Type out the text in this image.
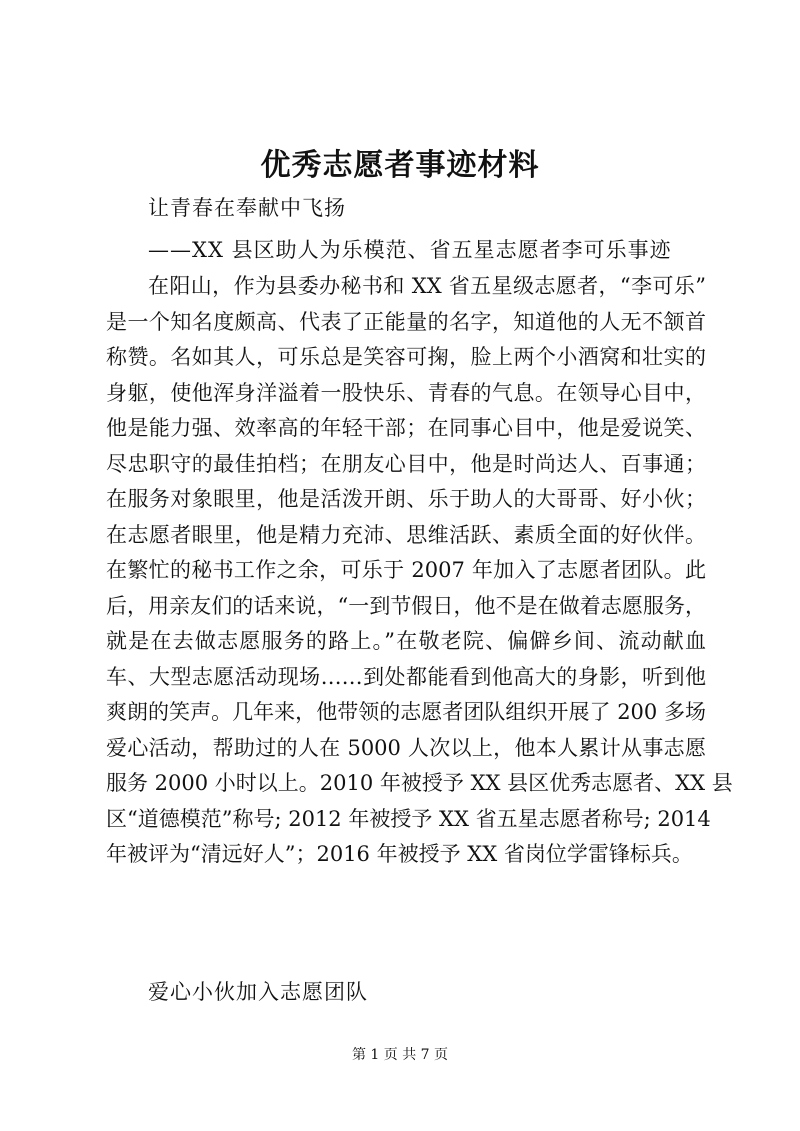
优秀志愿者事迹材料
让青春在奉献中飞扬
——XX 县区助人为乐模范、省五星志愿者李可乐事迹
在阳山，作为县委办秘书和 XX 省五星级志愿者，“李可乐”
是一个知名度颇高、代表了正能量的名字，知道他的人无不颔首
称赞。名如其人，可乐总是笑容可掬，脸上两个小酒窝和壮实的
身躯，使他浑身洋溢着一股快乐、青春的气息。在领导心目中，
他是能力强、效率高的年轻干部；在同事心目中，他是爱说笑、
尽忠职守的最佳拍档；在朋友心目中，他是时尚达人、百事通；
在服务对象眼里，他是活泼开朗、乐于助人的大哥哥、好小伙；
在志愿者眼里，他是精力充沛、思维活跃、素质全面的好伙伴。
在繁忙的秘书工作之余，可乐于 2007 年加入了志愿者团队。此
后，用亲友们的话来说，“一到节假日，他不是在做着志愿服务，
就是在去做志愿服务的路上。”在敬老院、偏僻乡间、流动献血
车、大型志愿活动现场……到处都能看到他高大的身影，听到他
爽朗的笑声。几年来，他带领的志愿者团队组织开展了 200 多场
爱心活动，帮助过的人在 5000 人次以上，他本人累计从事志愿
服务 2000 小时以上。2010 年被授予 XX 县区优秀志愿者、XX 县
区“道德模范”称号; 2012 年被授予 XX 省五星志愿者称号; 2014
年被评为“清远好人”；2016 年被授予 XX 省岗位学雷锋标兵。
爱心小伙加入志愿团队
第 1 页 共 7 页
